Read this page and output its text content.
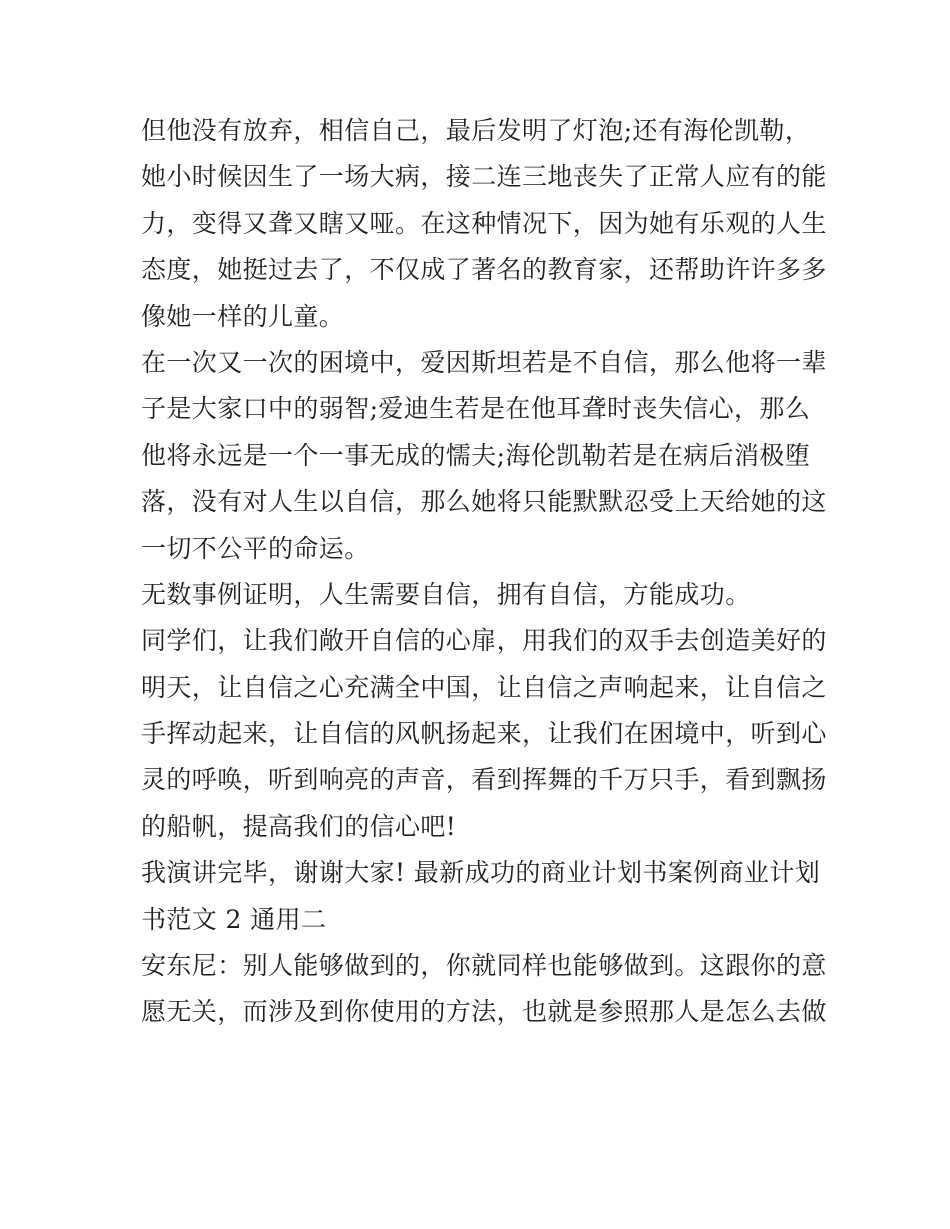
但他没有放弃，相信自己，最后发明了灯泡;还有海伦凯勒，
她小时候因生了一场大病，接二连三地丧失了正常人应有的能
力，变得又聋又瞎又哑。在这种情况下，因为她有乐观的人生
态度，她挺过去了，不仅成了著名的教育家，还帮助许许多多
像她一样的儿童。
在一次又一次的困境中，爱因斯坦若是不自信，那么他将一辈
子是大家口中的弱智;爱迪生若是在他耳聋时丧失信心，那么
他将永远是一个一事无成的懦夫;海伦凯勒若是在病后消极堕
落，没有对人生以自信，那么她将只能默默忍受上天给她的这
一切不公平的命运。
无数事例证明，人生需要自信，拥有自信，方能成功。
同学们，让我们敞开自信的心扉，用我们的双手去创造美好的
明天，让自信之心充满全中国，让自信之声响起来，让自信之
手挥动起来，让自信的风帆扬起来，让我们在困境中，听到心
灵的呼唤，听到响亮的声音，看到挥舞的千万只手，看到飘扬
的船帆，提高我们的信心吧!
我演讲完毕，谢谢大家! 最新成功的商业计划书案例商业计划
书范文 2 通用二
安东尼：别人能够做到的，你就同样也能够做到。这跟你的意
愿无关，而涉及到你使用的方法，也就是参照那人是怎么去做
